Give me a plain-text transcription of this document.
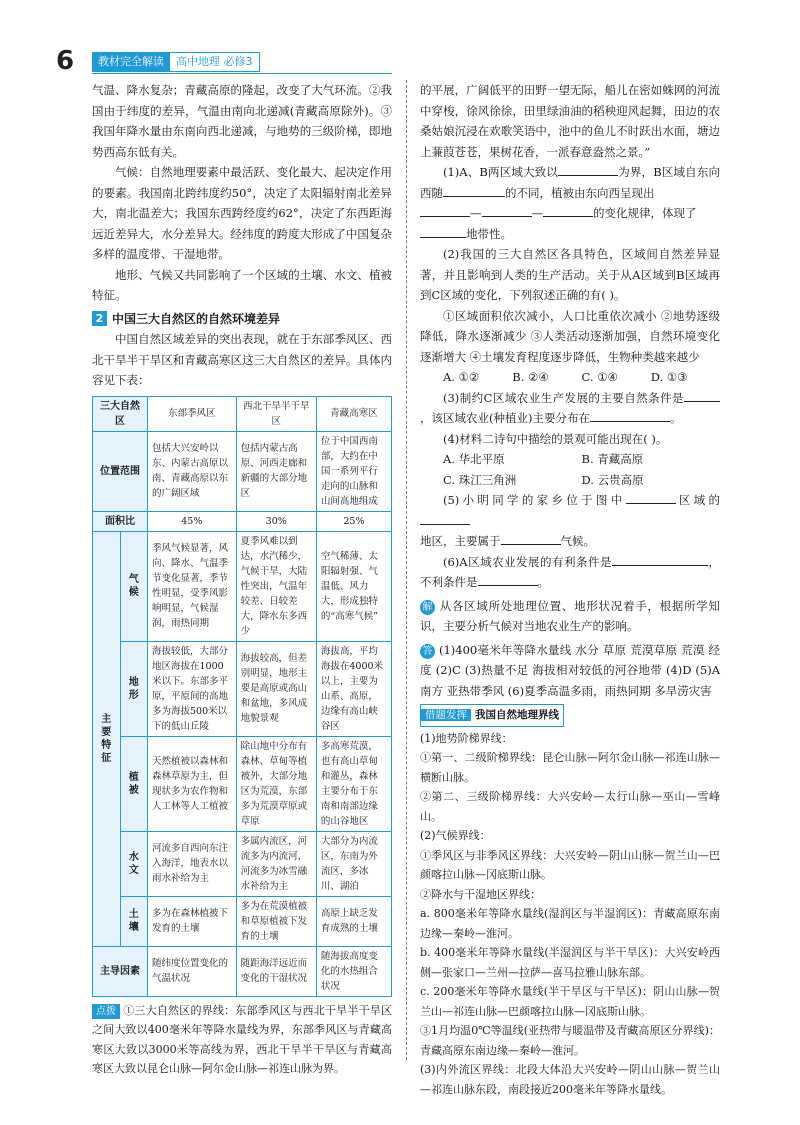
6	教材完全解读	高中地理 必修3

气温、降水复杂；青藏高原的隆起，改变了大气环流。②我国由于纬度的差异，气温由南向北递减(青藏高原除外)。③我国年降水量由东南向西北递减，与地势的三级阶梯，即地势西高东低有关。

气候：自然地理要素中最活跃、变化最大、起决定作用的要素。我国南北跨纬度约50°，决定了太阳辐射南北差异大，南北温差大；我国东西跨经度约62°，决定了东西距海远近差异大，水分差异大。经纬度的跨度大形成了中国复杂多样的温度带、干湿地带。

地形、气候又共同影响了一个区域的土壤、水文、植被特征。

2 中国三大自然区的自然环境差异

中国自然区域差异的突出表现，就在于东部季风区、西北干旱半干旱区和青藏高寒区这三大自然区的差异。具体内容见下表：

三大自然区		东部季风区	西北干旱半干旱区	青藏高寒区
位置范围		包括大兴安岭以东、内蒙古高原以南、青藏高原以东的广阔区域	包括内蒙古高原、河西走廊和新疆的大部分地区	位于中国西南部，大约在中国一系列平行走向的山脉和山间高地组成
面积比		45%	30%	25%
主要特征	气候	季风气候显著，风向、降水、气温季节变化显著，季节性明显，受季风影响明显，气候湿润，雨热同期	夏季风难以到达，水汽稀少，气候干旱，大陆性突出，气温年较差、日较差大，降水东多西少	空气稀薄、太阳辐射强、气温低、风力大，形成独特的“高寒气候”
	地形	海拔较低，大部分地区海拔在1000米以下。东部多平原，平原间的高地多为海拔500米以下的低山丘陵	海拔较高，但差别明显，地形主要是高原或高山和盆地，多风成地貌景观	海拔高，平均海拔在4000米以上，主要为山系、高原，边缘有高山峡谷区
	植被	天然植被以森林和森林草原为主，但现状多为农作物和人工林等人工植被	除山地中分布有森林、草甸等植被外，大部分地区为荒漠，东部多为荒漠草原或草原	多高寒荒漠，也有高山草甸和灌丛，森林主要分布于东南和南部边缘的山谷地区
	水文	河流多自西向东注入海洋，地表水以雨水补给为主	多属内流区，河流多为内流河，河流多为冰雪融水补给为主	大部分为内流区，东南为外流区，多冰川、湖泊
	土壤	多为在森林植被下发育的土壤	多为在荒漠植被和草原植被下发育的土壤	高原上缺乏发育成熟的土壤
主导因素		随纬度位置变化的气温状况	随距海洋远近而变化的干湿状况	随海拔高度变化的水热组合状况

点拨 ①三大自然区的界线：东部季风区与西北干旱半干旱区之间大致以400毫米年等降水量线为界，东部季风区与青藏高寒区大致以3000米等高线为界，西北干旱半干旱区与青藏高寒区大致以昆仑山脉—阿尔金山脉—祁连山脉为界。

的平展，广阔低平的田野一望无际，船儿在密如蛛网的河流中穿梭，徐风徐徐，田里绿油油的稻秧迎风起舞，田边的农桑姑娘沉浸在欢歌笑语中，池中的鱼儿不时跃出水面，塘边上蒹葭苍苍，果树花香，一派春意盎然之景。”

(1)A、B两区域大致以	为界，B区域自东向西随	的不同，植被由东向西呈现出
—	—	的变化规律，体现了
地带性。

(2)我国的三大自然区各具特色，区域间自然差异显著，并且影响到人类的生产活动。关于从A区域到B区域再到C区域的变化，下列叙述正确的有( )。

①区域面积依次减小，人口比重依次减小 ②地势逐级降低，降水逐渐减少 ③人类活动逐渐加强，自然环境变化逐渐增大 ④土壤发育程度逐步降低，生物种类越来越少

A. ①②	B. ②④	C. ①④	D. ①③

(3)制约C区域农业生产发展的主要自然条件是，该区域农业(种植业)主要分布在	。

(4)材料二诗句中描绘的景观可能出现在( )。

A. 华北平原	B. 青藏高原
C. 珠江三角洲	D. 云贵高原

(5)小明同学的家乡位于图中	区域的
地区，主要属于	气候。

(6)A区域农业发展的有利条件是	，不利条件是	。

解 从各区域所处地理位置、地形状况着手，根据所学知识，主要分析气候对当地农业生产的影响。

答 (1)400毫米年等降水量线 水分 草原 荒漠草原 荒漠 经度 (2)C (3)热量不足 海拔相对较低的河谷地带 (4)D (5)A 南方 亚热带季风 (6)夏季高温多雨，雨热同期 多旱涝灾害

借题发挥 我国自然地理界线

(1)地势阶梯界线：

①第一、二级阶梯界线：昆仑山脉—阿尔金山脉—祁连山脉—横断山脉。

②第二、三级阶梯界线：大兴安岭—太行山脉—巫山—雪峰山。

(2)气候界线：

①季风区与非季风区界线：大兴安岭—阴山山脉—贺兰山—巴颜喀拉山脉—冈底斯山脉。

②降水与干湿地区界线：

a. 800毫米年等降水量线(湿润区与半湿润区)：青藏高原东南边缘—秦岭—淮河。

b. 400毫米年等降水量线(半湿润区与半干旱区)：大兴安岭西侧—张家口—兰州—拉萨—喜马拉雅山脉东部。

c. 200毫米年等降水量线(半干旱区与干旱区)：阴山山脉—贺兰山—祁连山脉—巴颜喀拉山脉—冈底斯山脉。

③1月均温0℃等温线(亚热带与暖温带及青藏高原区分界线)：青藏高原东南边缘—秦岭—淮河。

(3)内外流区界线：北段大体沿大兴安岭—阴山山脉—贺兰山—祁连山脉东段，南段接近200毫米年等降水量线。
